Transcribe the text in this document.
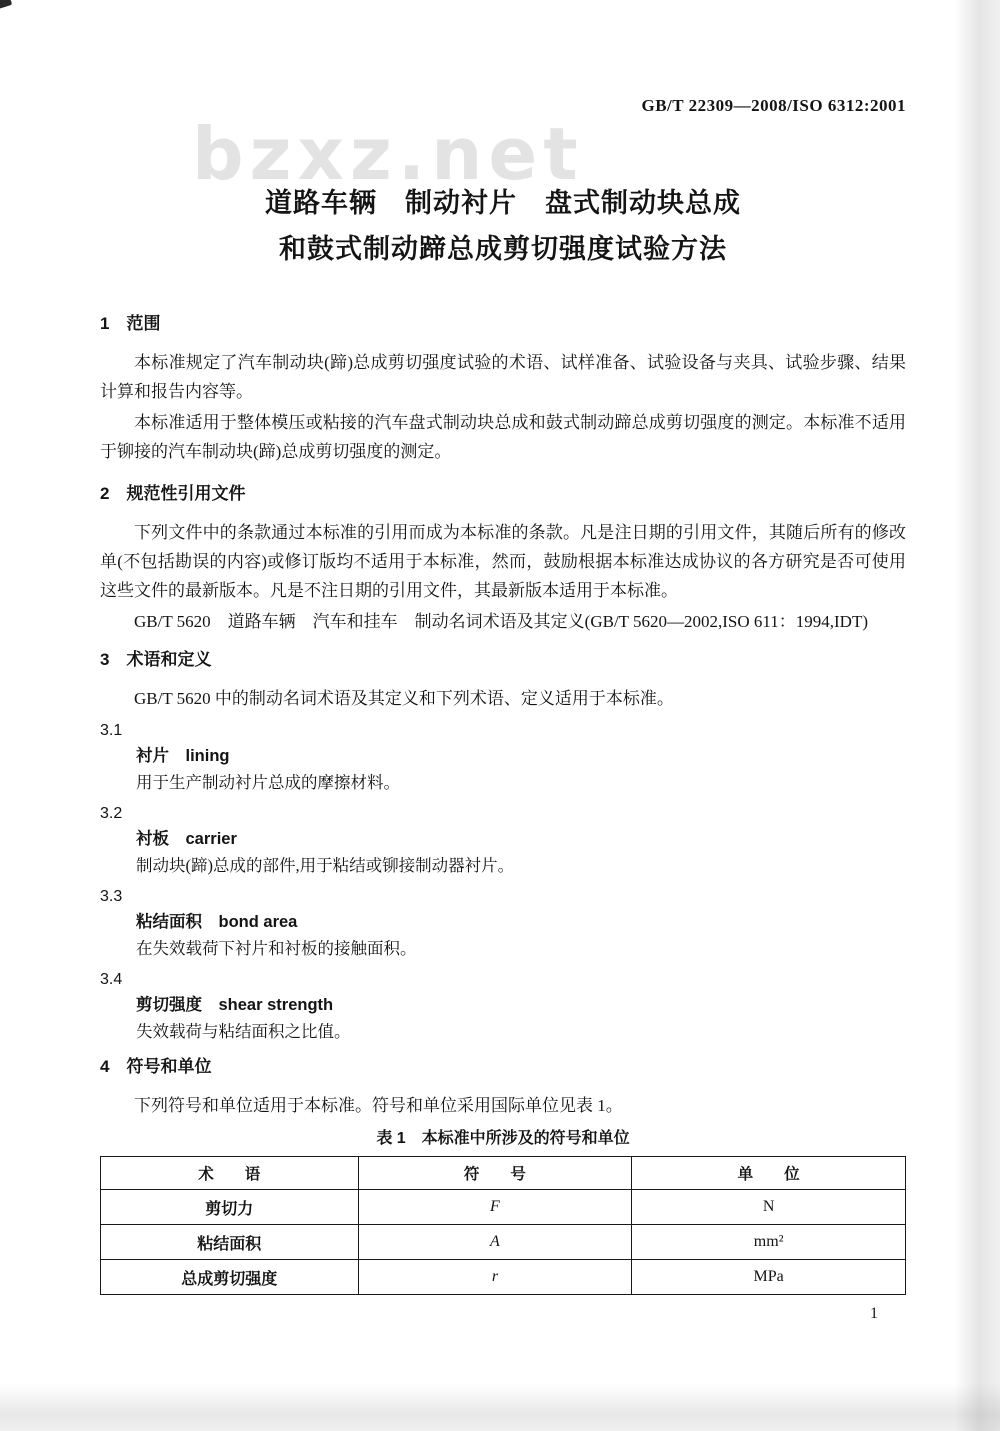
bzxz.net
GB/T 22309—2008/ISO 6312:2001
道路车辆　制动衬片　盘式制动块总成
和鼓式制动蹄总成剪切强度试验方法
1　范围

本标准规定了汽车制动块(蹄)总成剪切强度试验的术语、试样准备、试验设备与夹具、试验步骤、结果计算和报告内容等。

本标准适用于整体模压或粘接的汽车盘式制动块总成和鼓式制动蹄总成剪切强度的测定。本标准不适用于铆接的汽车制动块(蹄)总成剪切强度的测定。

2　规范性引用文件

下列文件中的条款通过本标准的引用而成为本标准的条款。凡是注日期的引用文件，其随后所有的修改单(不包括勘误的内容)或修订版均不适用于本标准，然而，鼓励根据本标准达成协议的各方研究是否可使用这些文件的最新版本。凡是不注日期的引用文件，其最新版本适用于本标准。

GB/T 5620　道路车辆　汽车和挂车　制动名词术语及其定义(GB/T 5620—2002,ISO 611：1994,IDT)

3　术语和定义

GB/T 5620 中的制动名词术语及其定义和下列术语、定义适用于本标准。

3.1
衬片　lining
用于生产制动衬片总成的摩擦材料。
3.2
衬板　carrier
制动块(蹄)总成的部件,用于粘结或铆接制动器衬片。
3.3
粘结面积　bond area
在失效载荷下衬片和衬板的接触面积。
3.4
剪切强度　shear strength
失效载荷与粘结面积之比值。
4　符号和单位

下列符号和单位适用于本标准。符号和单位采用国际单位见表 1。

表 1　本标准中所涉及的符号和单位
术　　语	符　　号	单　　位
剪切力	F	N
粘结面积	A	mm²
总成剪切强度	r	MPa
1
